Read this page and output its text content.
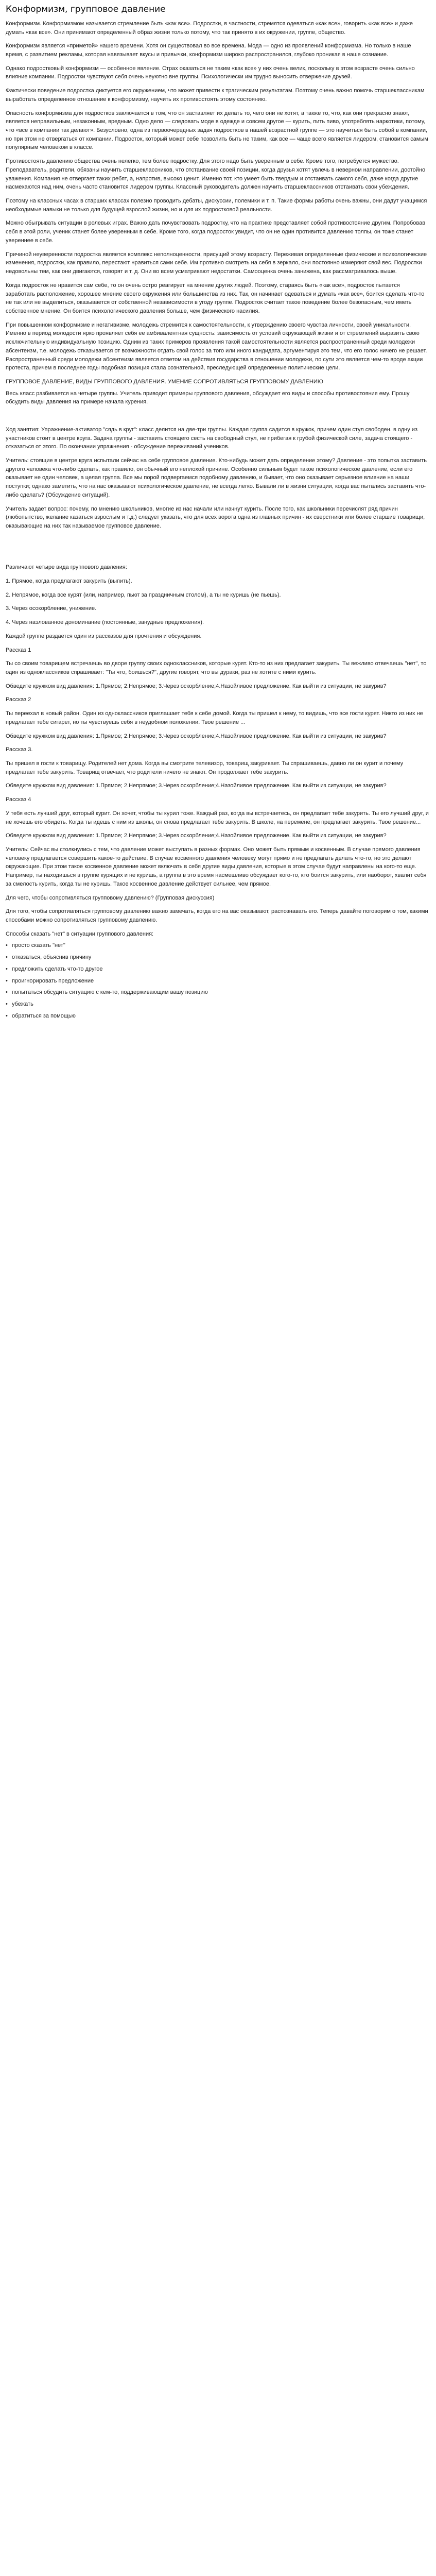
Конформизм, групповое давление

Конформизм. Конформизмом называется стремление быть «как все». Подростки, в частности, стремятся одеваться «как все», говорить «как все» и даже думать «как все». Они принимают определенный образ жизни только потому, что так принято в их окружении, группе, общество.

Конформизм является «приметой» нашего времени. Хотя он существовал во все времена. Мода — одно из проявлений конформизма. Но только в наше время, с развитием рекламы, которая навязывает вкусы и привычки, конформизм широко распространился, глубоко проникая в наше сознание.

Однако подростковый конформизм — особенное явление. Страх оказаться не таким «как все» у них очень велик, поскольку в этом возрасте очень сильно влияние компании. Подростки чувствуют себя очень неуютно вне группы. Психологически им трудно выносить отвержение друзей.

Фактически поведение подростка диктуется его окружением, что может привести к трагическим результатам. Поэтому очень важно помочь старшеклассникам выработать определенное отношение к конформизму, научить их противостоять этому состоянию.

Опасность конформизма для подростков заключается в том, что он заставляет их делать то, чего они не хотят, а также то, что, как они прекрасно знают, является неправильным, незаконным, вредным. Одно дело — следовать моде в одежде и совсем другое — курить, пить пиво, употреблять наркотики, потому, что «все в компании так делают». Безусловно, одна из первоочередных задач подростков в нашей возрастной группе — это научиться быть собой в компании, но при этом не отвергаться от компании. Подросток, который может себе позволить быть не таким, как все — чаще всего является лидером, становится самым популярным человеком в классе.

Противостоять давлению общества очень нелегко, тем более подростку. Для этого надо быть уверенным в себе. Кроме того, потребуется мужество. Преподаватель, родители, обязаны научить старшеклассников, что отстаивание своей позиции, когда друзья хотят увлечь в неверном направлении, достойно уважения. Компания не отвергает таких ребят, а, напротив, высоко ценит. Именно тот, кто умеет быть твердым и отстаивать самого себя, даже когда другие насмехаются над ним, очень часто становится лидером группы. Классный руководитель должен научить старшеклассников отстаивать свои убеждения.

Поэтому на классных часах в старших классах полезно проводить дебаты, дискуссии, полемики и т. п. Такие формы работы очень важны, они дадут учащимся необходимые навыки не только для будущей взрослой жизни, но и для их подростковой реальности.

Можно обыгрывать ситуации в ролевых играх. Важно дать почувствовать подростку, что на практике представляет собой противостояние другим. Попробовав себя в этой роли, ученик станет более уверенным в себе. Кроме того, когда подросток увидит, что он не один противится давлению толпы, он тоже станет увереннее в себе.

Причиной неуверенности подростка является комплекс неполноценности, присущий этому возрасту. Переживая определенные физические и психологические изменения, подростки, как правило, перестают нравиться сами себе. Им противно смотреть на себя в зеркало, они постоянно измеряют свой вес. Подростки недовольны тем, как они двигаются, говорят и т. д. Они во всем усматривают недостатки. Самооценка очень занижена, как рассматривалось выше.

Когда подросток не нравится сам себе, то он очень остро реагирует на мнение других людей. Поэтому, стараясь быть «как все», подросток пытается заработать расположение, хорошее мнение своего окружения или большинства из них. Так, он начинает одеваться и думать «как все», боится сделать что-то не так или не выделиться, оказывается от собственной независимости в угоду группе. Подросток считает такое поведение более безопасным, чем иметь собственное мнение. Он боится психологического давления больше, чем физического насилия.

При повышенном конформизме и негативизме, молодежь стремится к самостоятельности, к утверждению своего чувства личности, своей уникальности. Именно в период молодости ярко проявляет себя ее амбивалентная сущность: зависимость от условий окружающей жизни и от стремлений выразить свою исключительную индивидуальную позицию. Одним из таких примеров проявления такой самостоятельности является распространенный среди молодежи абсентеизм, т.е. молодежь отказывается от возможности отдать свой голос за того или иного кандидата, аргументируя это тем, что его голос ничего не решает. Распространенный среди молодежи абсентеизм является ответом на действия государства в отношении молодежи, по сути это является чем-то вроде акции протеста, причем в последнее годы подобная позиция стала сознательной, преследующей определенные политические цели.

ГРУППОВОЕ ДАВЛЕНИЕ, ВИДЫ ГРУППОВОГО ДАВЛЕНИЯ. УМЕНИЕ СОПРОТИВЛЯТЬСЯ ГРУППОВОМУ ДАВЛЕНИЮ

Весь класс разбивается на четыре группы. Учитель приводит примеры группового давления, обсуждает его виды и способы противостояния ему. Прошу обсудить виды давления на примере начала курения.

Ход занятия: Упражнение-активатор "сядь в круг": класс делится на две-три группы. Каждая группа садится в кружок, причем один стул свободен. в одну из участников стоит в центре круга. Задача группы - заставить стоящего сесть на свободный стул, не прибегая к грубой физической силе, задача стоящего - отказаться от этого. По окончании упражнения - обсуждение переживаний учеников.

Учитель: стоящие в центре круга испытали сейчас на себе групповое давление. Кто-нибудь может дать определение этому? Давление - это попытка заставить другого человека что-либо сделать, как правило, он обычный его неплохой причине. Особенно сильным будет такое психологическое давление, если его оказывает не один человек, а целая группа. Все мы порой подвергаемся подобному давлению, и бывает, что оно оказывает серьезное влияние на наши поступки; однако заметить, что на нас оказывают психологическое давление, не всегда легко. Бывали ли в жизни ситуации, когда вас пытались заставить что-либо сделать? (Обсуждение ситуаций).

Учитель задает вопрос: почему, по мнению школьников, многие из нас начали или начнут курить. После того, как школьники перечислят ряд причин (любопытство, желание казаться взрослым и т.д.) следует указать, что для всех ворота одна из главных причин - их сверстники или более старшие товарищи, оказывающие на них так называемое групповое давление.

Различают четыре вида группового давления:

1. Прямое, когда предлагают закурить (выпить).

2. Непрямое, когда все курят (или, например, пьют за праздничным столом), а ты не куришь (не пьешь).

3. Через осокорбление, унижение.

4. Через наэлованное дономинание (постоянные, занудные предложения).

Каждой группе раздается один из рассказов для прочтения и обсуждения.

Рассказ 1

Ты со своим товарищем встречаешь во дворе группу своих одноклассников, которые курят. Кто-то из них предлагает закурить. Ты вежливо отвечаешь "нет", то один из одноклассников спрашивает: "Ты что, боишься?", другие говорят, что вы дураки, раз не хотите с ними курить.

Обведите кружком вид давления: 1.Прямое; 2.Непрямое; 3.Через оскорбление;4.Назойливое предложение. Как выйти из ситуации, не закурив?

Рассказ 2

Ты переехал в новый район. Один из одноклассников приглашает тебя к себе домой. Когда ты пришел к нему, то видишь, что все гости курят. Никто из них не предлагает тебе сигарет, но ты чувствуешь себя в неудобном положении. Твое решение ...

Обведите кружком вид давления: 1.Прямое; 2.Непрямое; 3.Через оскорбление;4.Назойливое предложение. Как выйти из ситуации, не закурив?

Рассказ 3.

Ты пришел в гости к товарищу. Родителей нет дома. Когда вы смотрите телевизор, товарищ закуривает. Ты спрашиваешь, давно ли он курит и почему предлагает тебе закурить. Товарищ отвечает, что родители ничего не знают. Он продолжает тебе закурить.

Обведите кружком вид давления: 1.Прямое; 2.Непрямое; 3.Через оскорбление;4.Назойливое предложение. Как выйти из ситуации, не закурив?

Рассказ 4

У тебя есть лучший друг, который курит. Он хочет, чтобы ты курил тоже. Каждый раз, когда вы встречаетесь, он предлагает тебе закурить. Ты его лучший друг, и не хочешь его обидеть. Когда ты идешь с ним из школы, он снова предлагает тебе закурить. В школе, на перемене, он предлагает закурить. Твое решение...

Обведите кружком вид давления: 1.Прямое; 2.Непрямое; 3.Через оскорбление;4.Назойливое предложение. Как выйти из ситуации, не закурив?

Учитель: Сейчас вы столкнулись с тем, что давление может выступать в разных формах. Оно может быть прямым и косвенным. В случае прямого давления человеку предлагается совершить какое-то действие. В случае косвенного давления человеку могут прямо и не предлагать делать что-то, но это делают окружающие. При этом такое косвенное давление может включать в себя другие виды давления, которые в этом случае будут направлены на кого-то еще. Например, ты находишься в группе курящих и не куришь, а группа в это время насмешливо обсуждает кого-то, кто боится закурить, или наоборот, хвалит себя за смелость курить, когда ты не куришь. Такое косвенное давление действует сильнее, чем прямое.

Для чего, чтобы сопротивляться групповому давлению? (Групповая дискуссия)

Для того, чтобы сопротивляться групповому давлению важно замечать, когда его на вас оказывают, распознавать его. Теперь давайте поговорим о том, какими способами можно сопротивляться групповому давлению.

Способы сказать "нет" в ситуации группового давления:

• просто сказать "нет"
• отказаться, объяснив причину
• предложить сделать что-то другое
• проигнорировать предложение
• попытаться обсудить ситуацию с кем-то, поддерживающим вашу позицию
• убежать
• обратиться за помощью
